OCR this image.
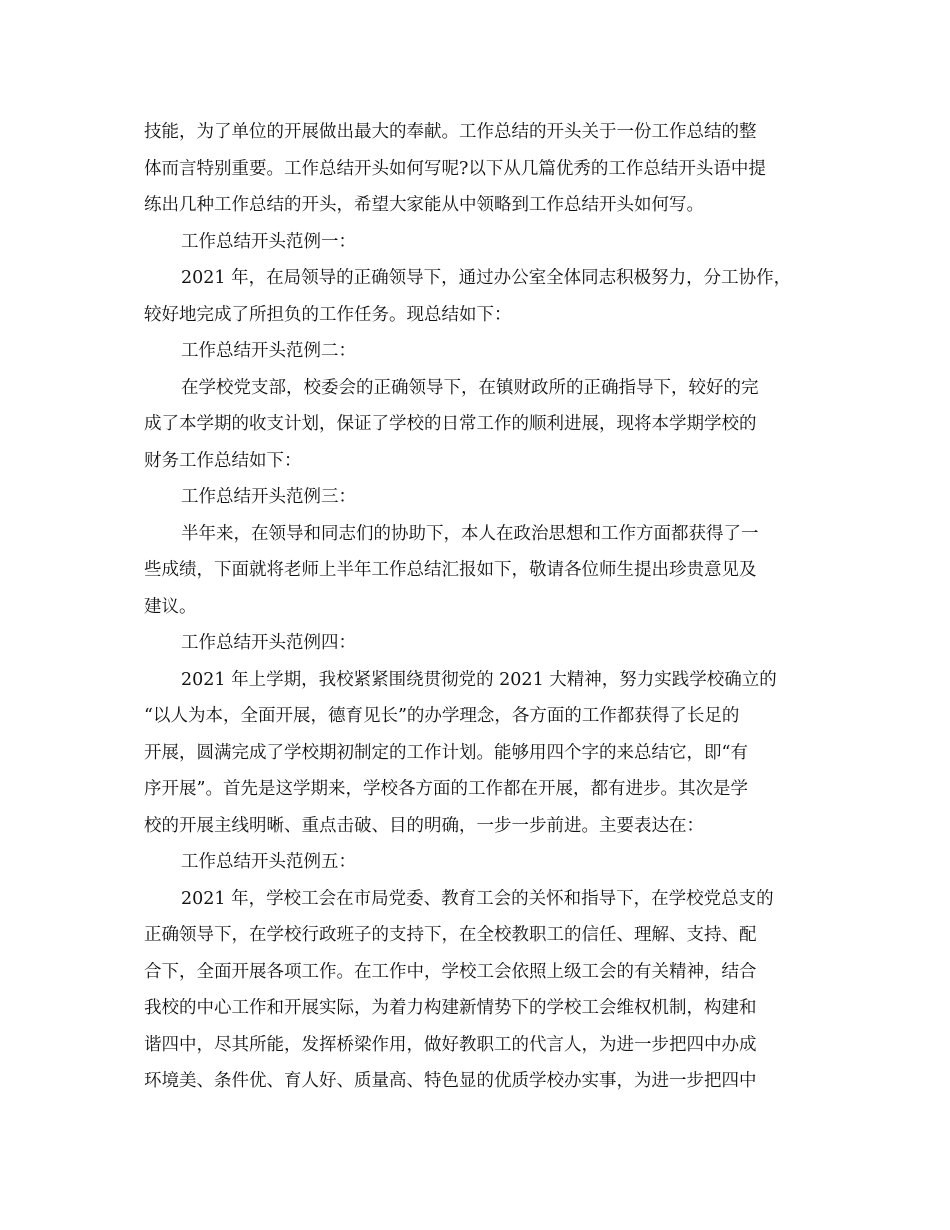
技能，为了单位的开展做出最大的奉献。工作总结的开头关于一份工作总结的整
体而言特别重要。工作总结开头如何写呢?以下从几篇优秀的工作总结开头语中提
练出几种工作总结的开头，希望大家能从中领略到工作总结开头如何写。
工作总结开头范例一：
2021 年，在局领导的正确领导下，通过办公室全体同志积极努力，分工协作，
较好地完成了所担负的工作任务。现总结如下：
工作总结开头范例二：
在学校党支部，校委会的正确领导下，在镇财政所的正确指导下，较好的完
成了本学期的收支计划，保证了学校的日常工作的顺利进展，现将本学期学校的
财务工作总结如下：
工作总结开头范例三：
半年来，在领导和同志们的协助下，本人在政治思想和工作方面都获得了一
些成绩，下面就将老师上半年工作总结汇报如下，敬请各位师生提出珍贵意见及
建议。
工作总结开头范例四：
2021 年上学期，我校紧紧围绕贯彻党的 2021 大精神，努力实践学校确立的
“以人为本，全面开展，德育见长”的办学理念，各方面的工作都获得了长足的
开展，圆满完成了学校期初制定的工作计划。能够用四个字的来总结它，即“有
序开展”。首先是这学期来，学校各方面的工作都在开展，都有进步。其次是学
校的开展主线明晰、重点击破、目的明确，一步一步前进。主要表达在：
工作总结开头范例五：
2021 年，学校工会在市局党委、教育工会的关怀和指导下，在学校党总支的
正确领导下，在学校行政班子的支持下，在全校教职工的信任、理解、支持、配
合下，全面开展各项工作。在工作中，学校工会依照上级工会的有关精神，结合
我校的中心工作和开展实际，为着力构建新情势下的学校工会维权机制，构建和
谐四中，尽其所能，发挥桥梁作用，做好教职工的代言人，为进一步把四中办成
环境美、条件优、育人好、质量高、特色显的优质学校办实事，为进一步把四中
